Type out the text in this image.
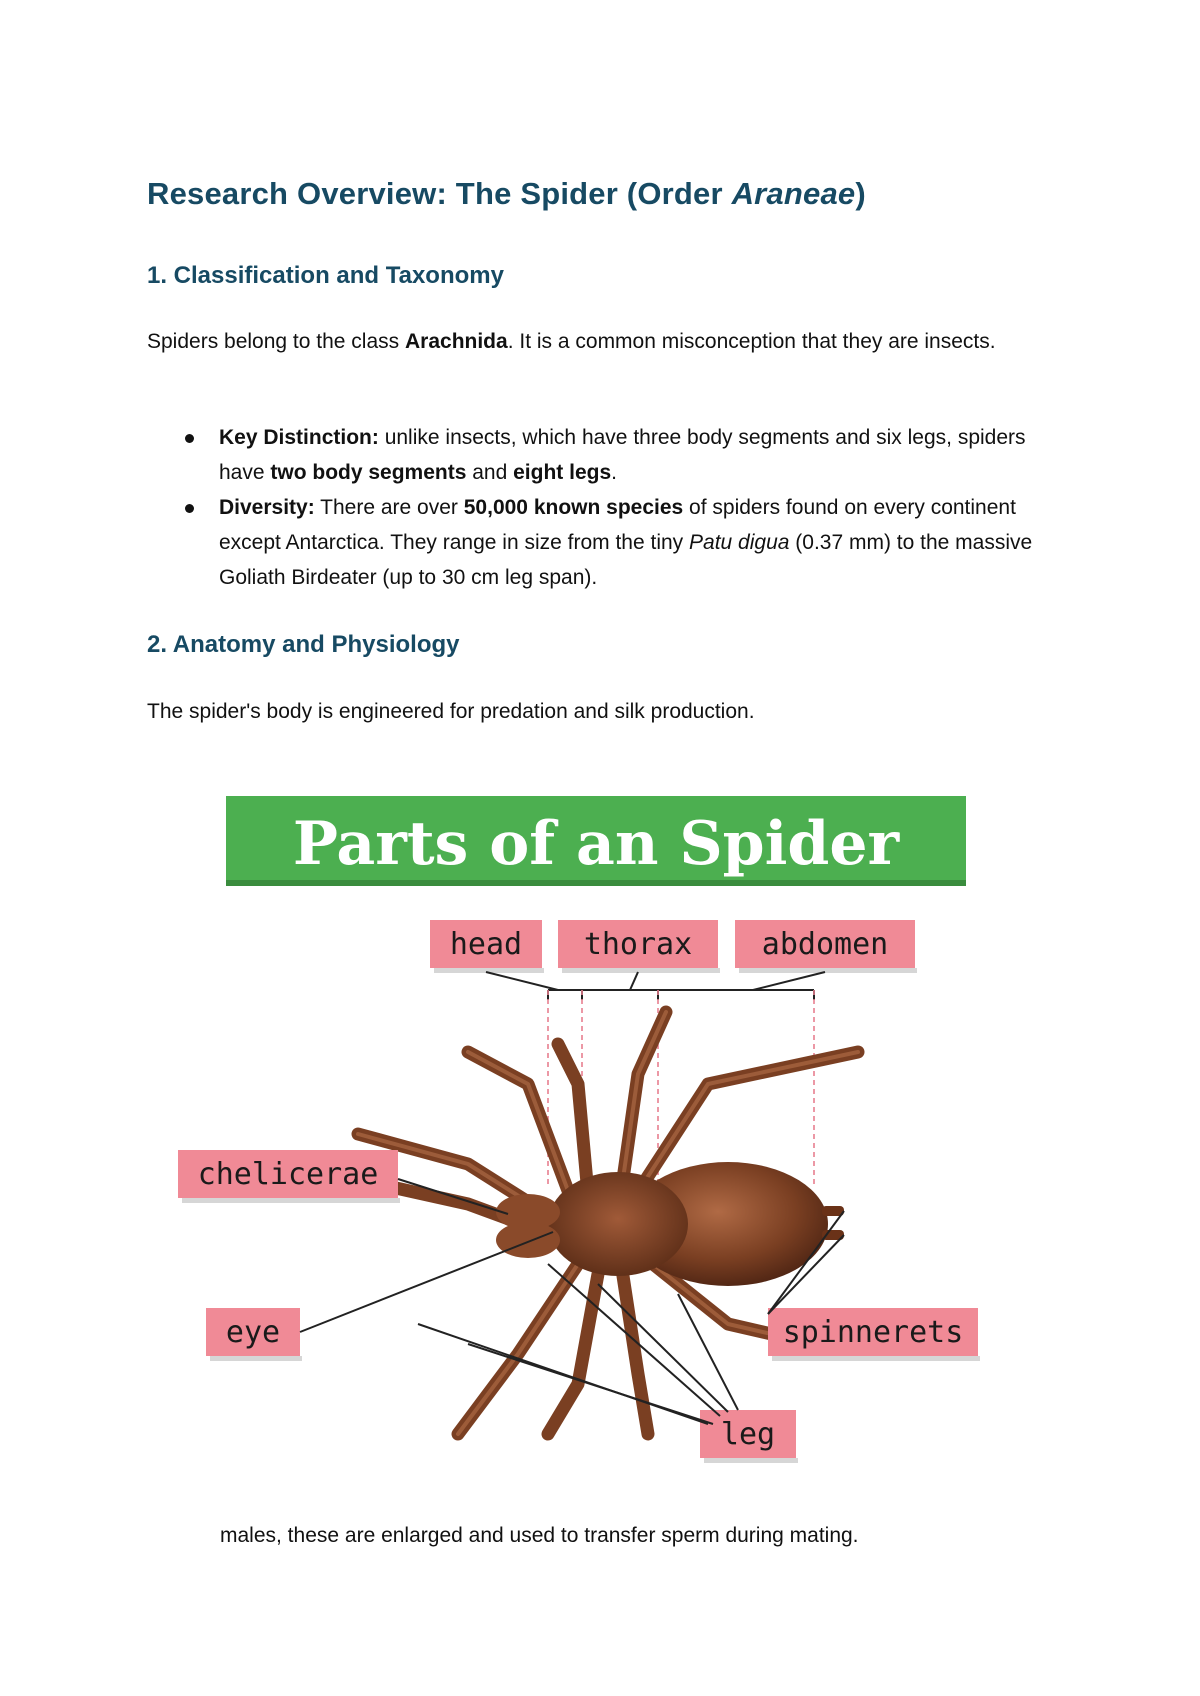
Research Overview: The Spider (Order Araneae)
1. Classification and Taxonomy

Spiders belong to the class Arachnida. It is a common misconception that they are insects.

Key Distinction: unlike insects, which have three body segments and six legs, spiders have two body segments and eight legs.
Diversity: There are over 50,000 known species of spiders found on every continent except Antarctica. They range in size from the tiny Patu digua (0.37 mm) to the massive Goliath Birdeater (up to 30 cm leg span).
2. Anatomy and Physiology

The spider's body is engineered for predation and silk production.

Parts of an Spider
head thorax abdomen
chelicerae
eye	spinnerets
leg

males, these are enlarged and used to transfer sperm during mating.
